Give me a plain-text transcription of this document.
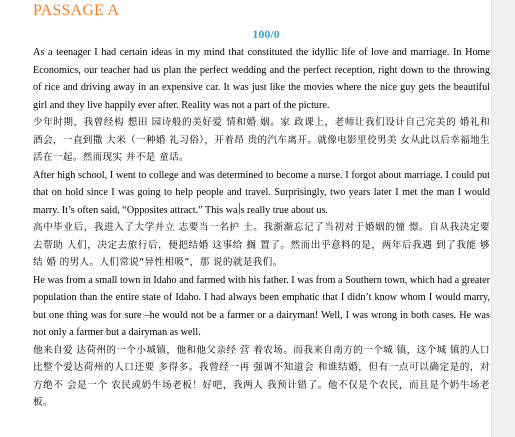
PASSAGE A
100/0

As a teenager I had certain ideas in my mind that constituted the idyllic life of love and marriage. In Home Economics, our teacher had us plan the perfect wedding and the perfect reception, right down to the throwing of rice and driving away in an expensive car. It was just like the movies where the nice guy gets the beautiful girl and they live happily ever after. Reality was not a part of the picture.

少年时期，我曾经构 想田 园诗般的美好爱 情和婚 姻。家 政课上，老师让我们设计自己完美的 婚礼和酒会，一直到撒 大米（一种婚 礼习俗），开着昂 贵的汽车离开。就像电影里佼男美 女从此以后幸福地生活在一起。然而现实 并不是 童话。

After high school, I went to college and was determined to become a nurse. I forgot about marriage. I could put that on hold since I was going to help people and travel. Surprisingly, two years later I met the man I would marry. It’s often said, “Opposites attract.” This wa s really true about us.

高中毕业后，我进入了大学并立 志要当一名护 士。我渐渐忘记了当初对于婚姻的憧 憬。自从我决定要去帮助 人们，决定去旅行后，便把结婚 这事给 搁 置了。然而出乎意料的是，两年后我遇 到了我能 够结 婚 的男人。人们常说“异性相吸”，那 说的就是我们。

He was from a small town in Idaho and farmed with his father. I was from a Southern town, which had a greater population than the entire state of Idaho. I had always been emphatic that I didn’t know whom I would marry, but one thing was for sure –he would not be a farmer or a dairyman! Well, I was wrong in both cases. He was not only a farmer but a dairyman as well.

他来自爱 达荷州的一个小城镇，他和他父亲经 营 着农场。而我来自南方的一个城 镇，这个城 镇的人口比整个爱达荷州的人口还要 多得多。我曾经一再 强调不知道会 和谁结婚，但有一点可以确定是的，对方绝不 会是一个 农民或奶牛场老板！好吧，我两人 我预计错了。他不仅是个农民，而且是个奶牛场老板。
